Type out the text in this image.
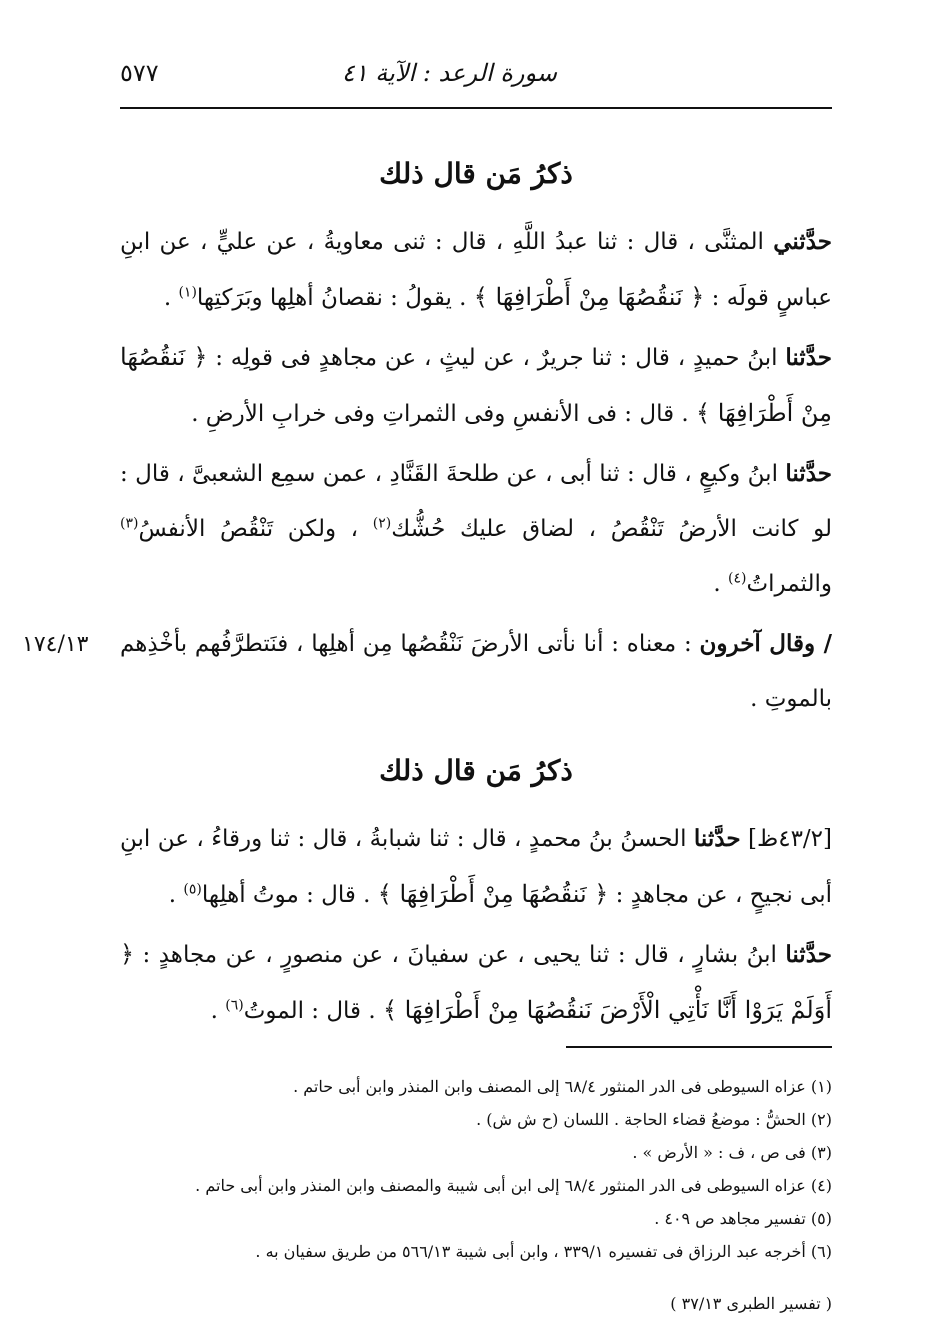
سورة الرعد : الآية ٤١
٥٧٧
ذكرُ مَن قال ذلك

حدَّثني المثنَّى ، قال : ثنا عبدُ اللَّهِ ، قال : ثنى معاويةُ ، عن عليٍّ ، عن ابنِ عباسٍ قولَه : ﴿ نَنقُصُهَا مِنْ أَطْرَافِهَا ﴾ . يقولُ : نقصانُ أهلِها وبَرَكتِها$^{(١)}$ .

حدَّثنا ابنُ حميدٍ ، قال : ثنا جريرٌ ، عن ليثٍ ، عن مجاهدٍ فى قولِه : ﴿ نَنقُصُهَا مِنْ أَطْرَافِهَا ﴾ . قال : فى الأنفسِ وفى الثمراتِ وفى خرابِ الأرضِ .

حدَّثنا ابنُ وكيعٍ ، قال : ثنا أبى ، عن طلحةَ القَنَّادِ ، عمن سمِع الشعبىَّ ، قال : لو كانت الأرضُ تَنْقُصُ ، لضاق عليك حُشُّك$^{(٢)}$ ، ولكن تَنْقُصُ الأنفسُ$^{(٣)}$ والثمراتُ$^{(٤)}$ .

/ وقال آخرون : معناه : أنا نأتى الأرضَ نَنْقُصُها مِن أهلِها ، فنَتطرَّفُهم بأخْذِهم بالموتِ .

ذكرُ مَن قال ذلك

[٤٣/٢ظ] حدَّثنا الحسنُ بنُ محمدٍ ، قال : ثنا شبابةُ ، قال : ثنا ورقاءُ ، عن ابنِ أبى نجيحٍ ، عن مجاهدٍ : ﴿ نَنقُصُهَا مِنْ أَطْرَافِهَا ﴾ . قال : موتُ أهلِها$^{(٥)}$ .

حدَّثنا ابنُ بشارٍ ، قال : ثنا يحيى ، عن سفيانَ ، عن منصورٍ ، عن مجاهدٍ : ﴿ أَوَلَمْ يَرَوْا أَنَّا نَأْتِي الْأَرْضَ نَنقُصُهَا مِنْ أَطْرَافِهَا ﴾ . قال : الموتُ$^{(٦)}$ .

١٧٤/١٣

(١) عزاه السيوطى فى الدر المنثور ٦٨/٤ إلى المصنف وابن المنذر وابن أبى حاتم .

(٢) الحشُّ : موضعُ قضاء الحاجة . اللسان (ح ش ش) .

(٣) فى ص ، ف : « الأرض » .

(٤) عزاه السيوطى فى الدر المنثور ٦٨/٤ إلى ابن أبى شيبة والمصنف وابن المنذر وابن أبى حاتم .

(٥) تفسير مجاهد ص ٤٠٩ .

(٦) أخرجه عبد الرزاق فى تفسيره ٣٣٩/١ ، وابن أبى شيبة ٥٦٦/١٣ من طريق سفيان به .

( تفسير الطبرى ٣٧/١٣ )
